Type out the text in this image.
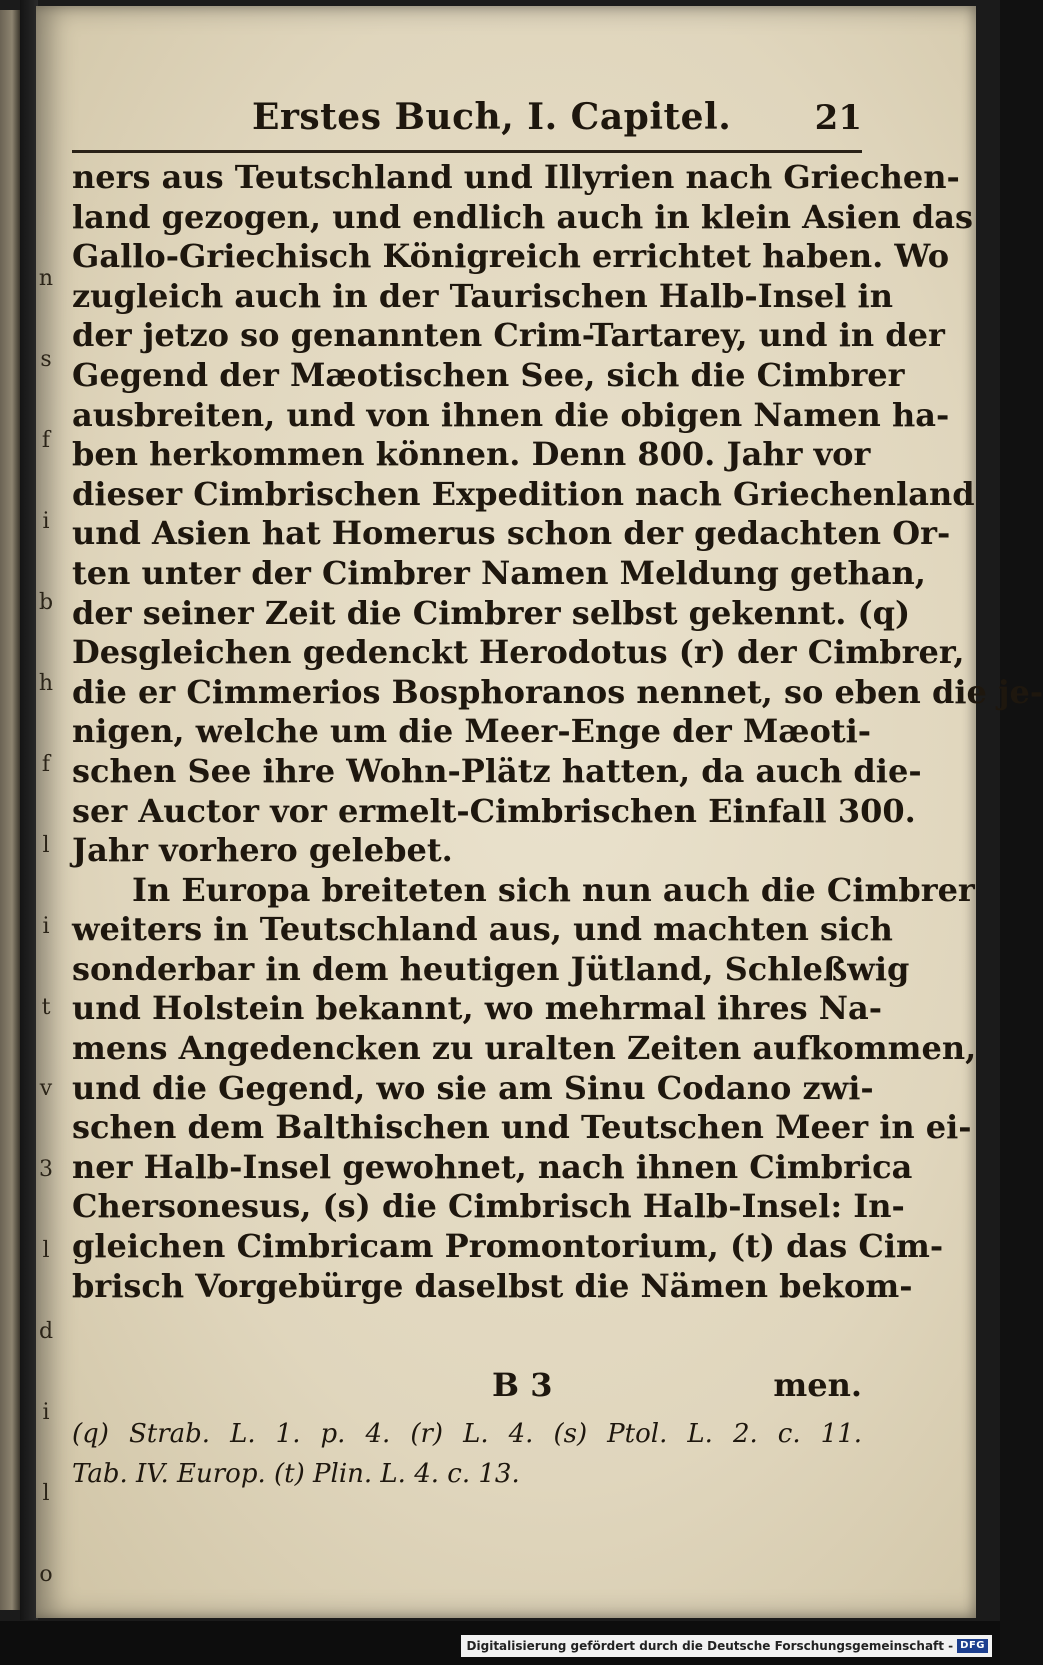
n
s
f
i
b
h
f
l
i
t
v
3
l
d
i
l
o
Erstes Buch, I. Capitel. 21
ners aus Teutschland und Illyrien nach Griechen-
land gezogen, und endlich auch in klein Asien das
Gallo-Griechisch Königreich errichtet haben. Wo
zugleich auch in der Taurischen Halb-Insel in
der jetzo so genannten Crim-Tartarey, und in der
Gegend der Mæotischen See, sich die Cimbrer
ausbreiten, und von ihnen die obigen Namen ha-
ben herkommen können. Denn 800. Jahr vor
dieser Cimbrischen Expedition nach Griechenland
und Asien hat Homerus schon der gedachten Or-
ten unter der Cimbrer Namen Meldung gethan,
der seiner Zeit die Cimbrer selbst gekennt. (q)
Desgleichen gedenckt Herodotus (r) der Cimbrer,
die er Cimmerios Bosphoranos nennet, so eben die je-
nigen, welche um die Meer-Enge der Mæoti-
schen See ihre Wohn-Plätz hatten, da auch die-
ser Auctor vor ermelt-Cimbrischen Einfall 300.
Jahr vorhero gelebet.
In Europa breiteten sich nun auch die Cimbrer
weiters in Teutschland aus, und machten sich
sonderbar in dem heutigen Jütland, Schleßwig
und Holstein bekannt, wo mehrmal ihres Na-
mens Angedencken zu uralten Zeiten aufkommen,
und die Gegend, wo sie am Sinu Codano zwi-
schen dem Balthischen und Teutschen Meer in ei-
ner Halb-Insel gewohnet, nach ihnen Cimbrica
Chersonesus, (s) die Cimbrisch Halb-Insel: In-
gleichen Cimbricam Promontorium, (t) das Cim-
brisch Vorgebürge daselbst die Nämen bekom-
B 3	men.
(q) Strab. L. 1. p. 4. (r) L. 4. (s) Ptol. L. 2. c. 11.
Tab. IV. Europ. (t) Plin. L. 4. c. 13.
Digitalisierung gefördert durch die Deutsche Forschungsgemeinschaft - DFG
